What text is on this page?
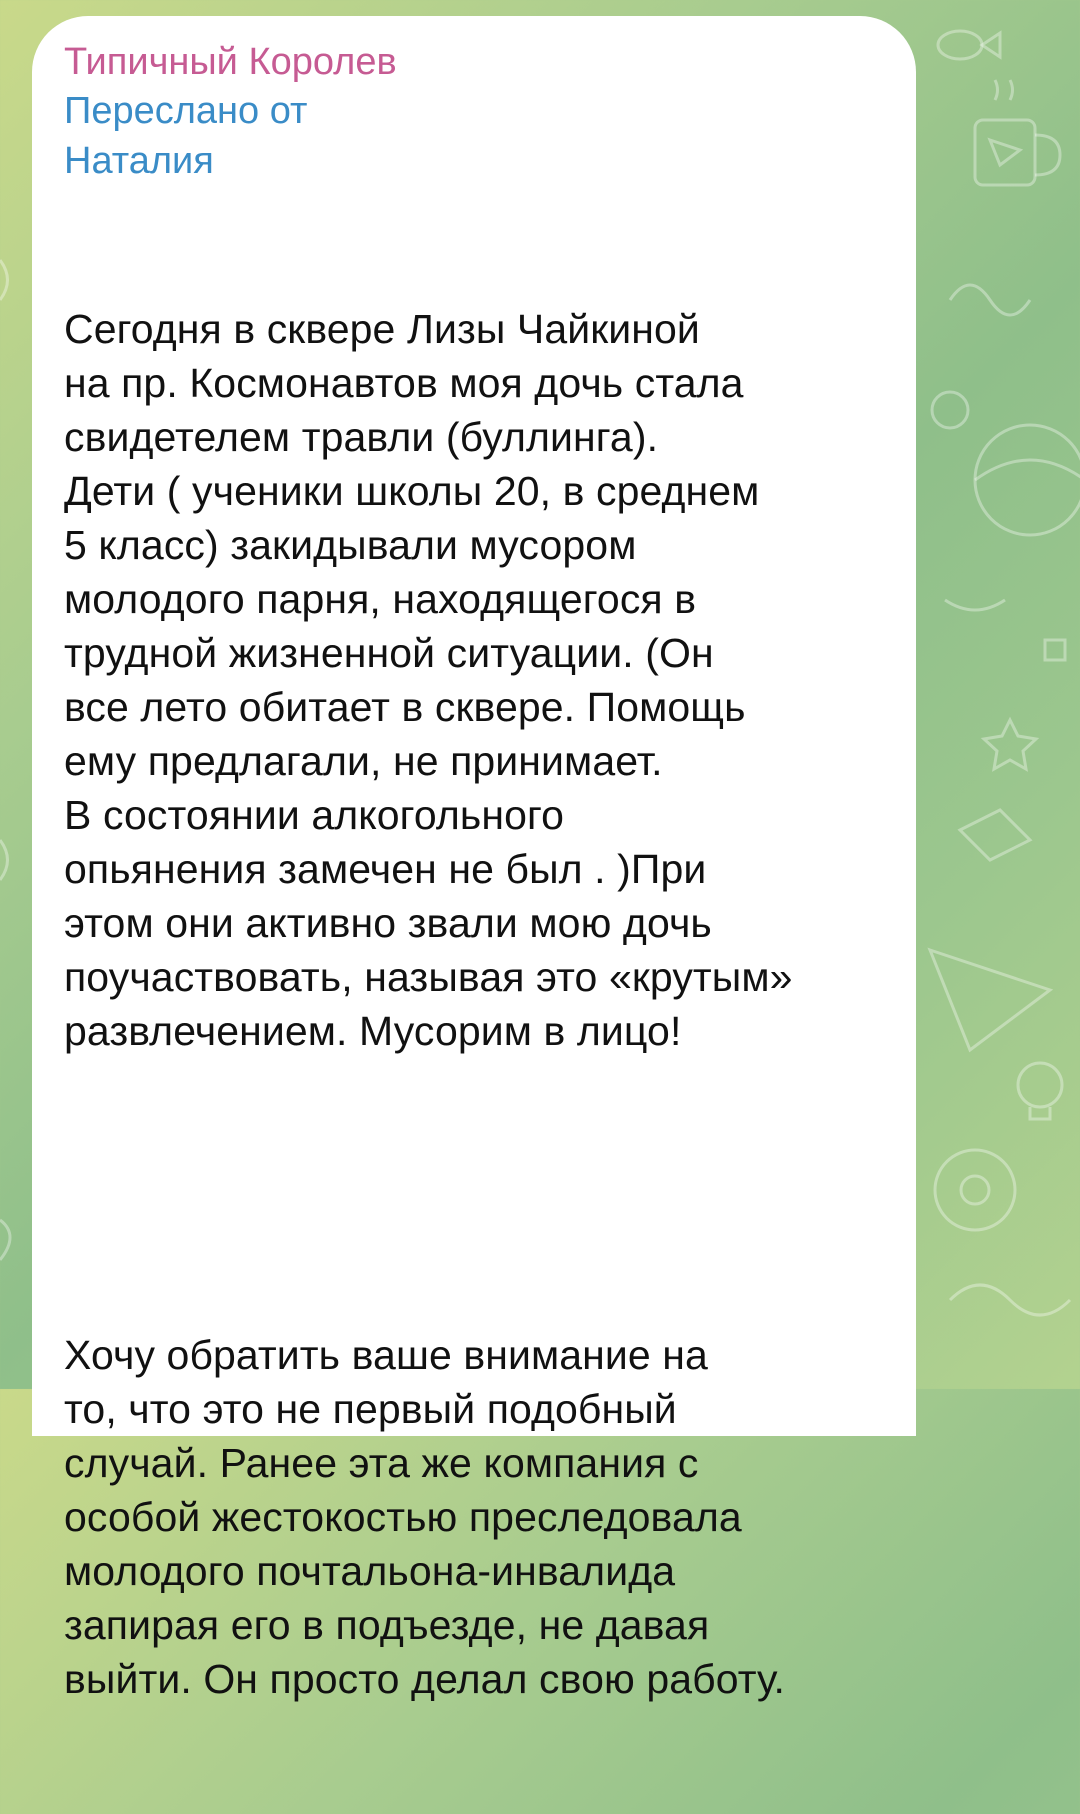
Типичный Королев
Переслано от
Наталия

Сегодня в сквере Лизы Чайкиной
на пр. Космонавтов моя дочь стала
свидетелем травли (буллинга).
Дети ( ученики школы 20, в среднем
5 класс) закидывали мусором
молодого парня, находящегося в
трудной жизненной ситуации. (Он
все лето обитает в сквере. Помощь
ему предлагали, не принимает.
В состоянии алкогольного
опьянения замечен не был . )При
этом они активно звали мою дочь
поучаствовать, называя это «крутым»
развлечением. Мусорим в лицо!

Хочу обратить ваше внимание на
то, что это не первый подобный
случай. Ранее эта же компания с
особой жестокостью преследовала
молодого почтальона-инвалида
запирая его в подъезде, не давая
выйти. Он просто делал свою работу.
